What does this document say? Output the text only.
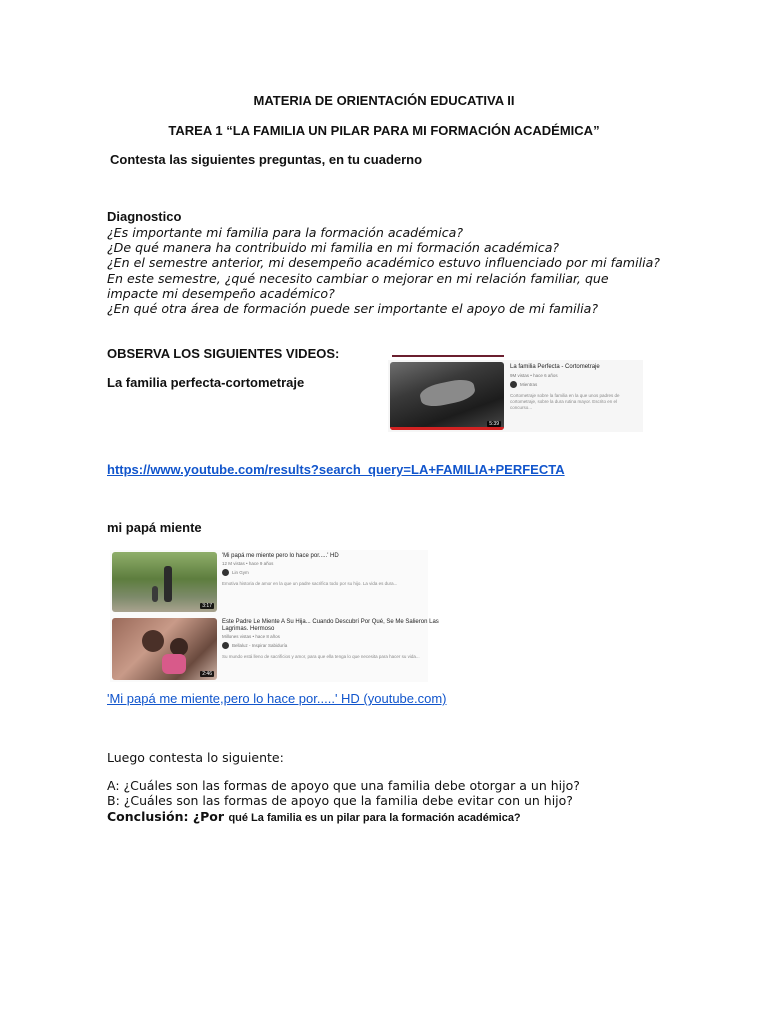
MATERIA DE ORIENTACIÓN EDUCATIVA II
TAREA 1 “LA FAMILIA UN PILAR PARA MI FORMACIÓN ACADÉMICA”
Contesta las siguientes preguntas, en tu cuaderno
Diagnostico
¿Es importante mi familia para la formación académica?
¿De qué manera ha contribuido mi familia en mi formación académica?
¿En el semestre anterior, mi desempeño académico estuvo influenciado por mi familia?
En este semestre, ¿qué necesito cambiar o mejorar en mi relación familiar, que
impacte mi desempeño académico?
¿En qué otra área de formación puede ser importante el apoyo de mi familia?
OBSERVA LOS SIGUIENTES VIDEOS:
La familia perfecta-cortometraje
5:39
La familia Perfecta - Cortometraje
9M vistas • hace 6 años
Mientras
Cortometraje sobre la familia en la que unos padres de cortometraje, sobre la dura rutina mayor. Escrito en el concurso...
https://www.youtube.com/results?search_query=LA+FAMILIA+PERFECTA
mi papá miente
3:17
'Mi papá me miente pero lo hace por.....' HD
12 M vistas • hace 9 años
Lin Gym
Emotiva historia de amor en la que un padre sacrifica todo por su hijo. La vida es dura...
2:46
Este Padre Le Miente A Su Hija... Cuando Descubrí Por Qué, Se Me Salieron Las
Lagrimas. Hermoso
Millones vistas • hace 8 años
Bellaluz - Inspirar Sabiduría
Su mundo está lleno de sacrificios y amor, para que ella tenga lo que necesita para hacer su vida...
'Mi papá me miente,pero lo hace por.....' HD (youtube.com)
Luego contesta lo siguiente:
A: ¿Cuáles son las formas de apoyo que una familia debe otorgar a un hijo?
B: ¿Cuáles son las formas de apoyo que la familia debe evitar con un hijo?
Conclusión: ¿Por qué La familia es un pilar para la formación académica?
